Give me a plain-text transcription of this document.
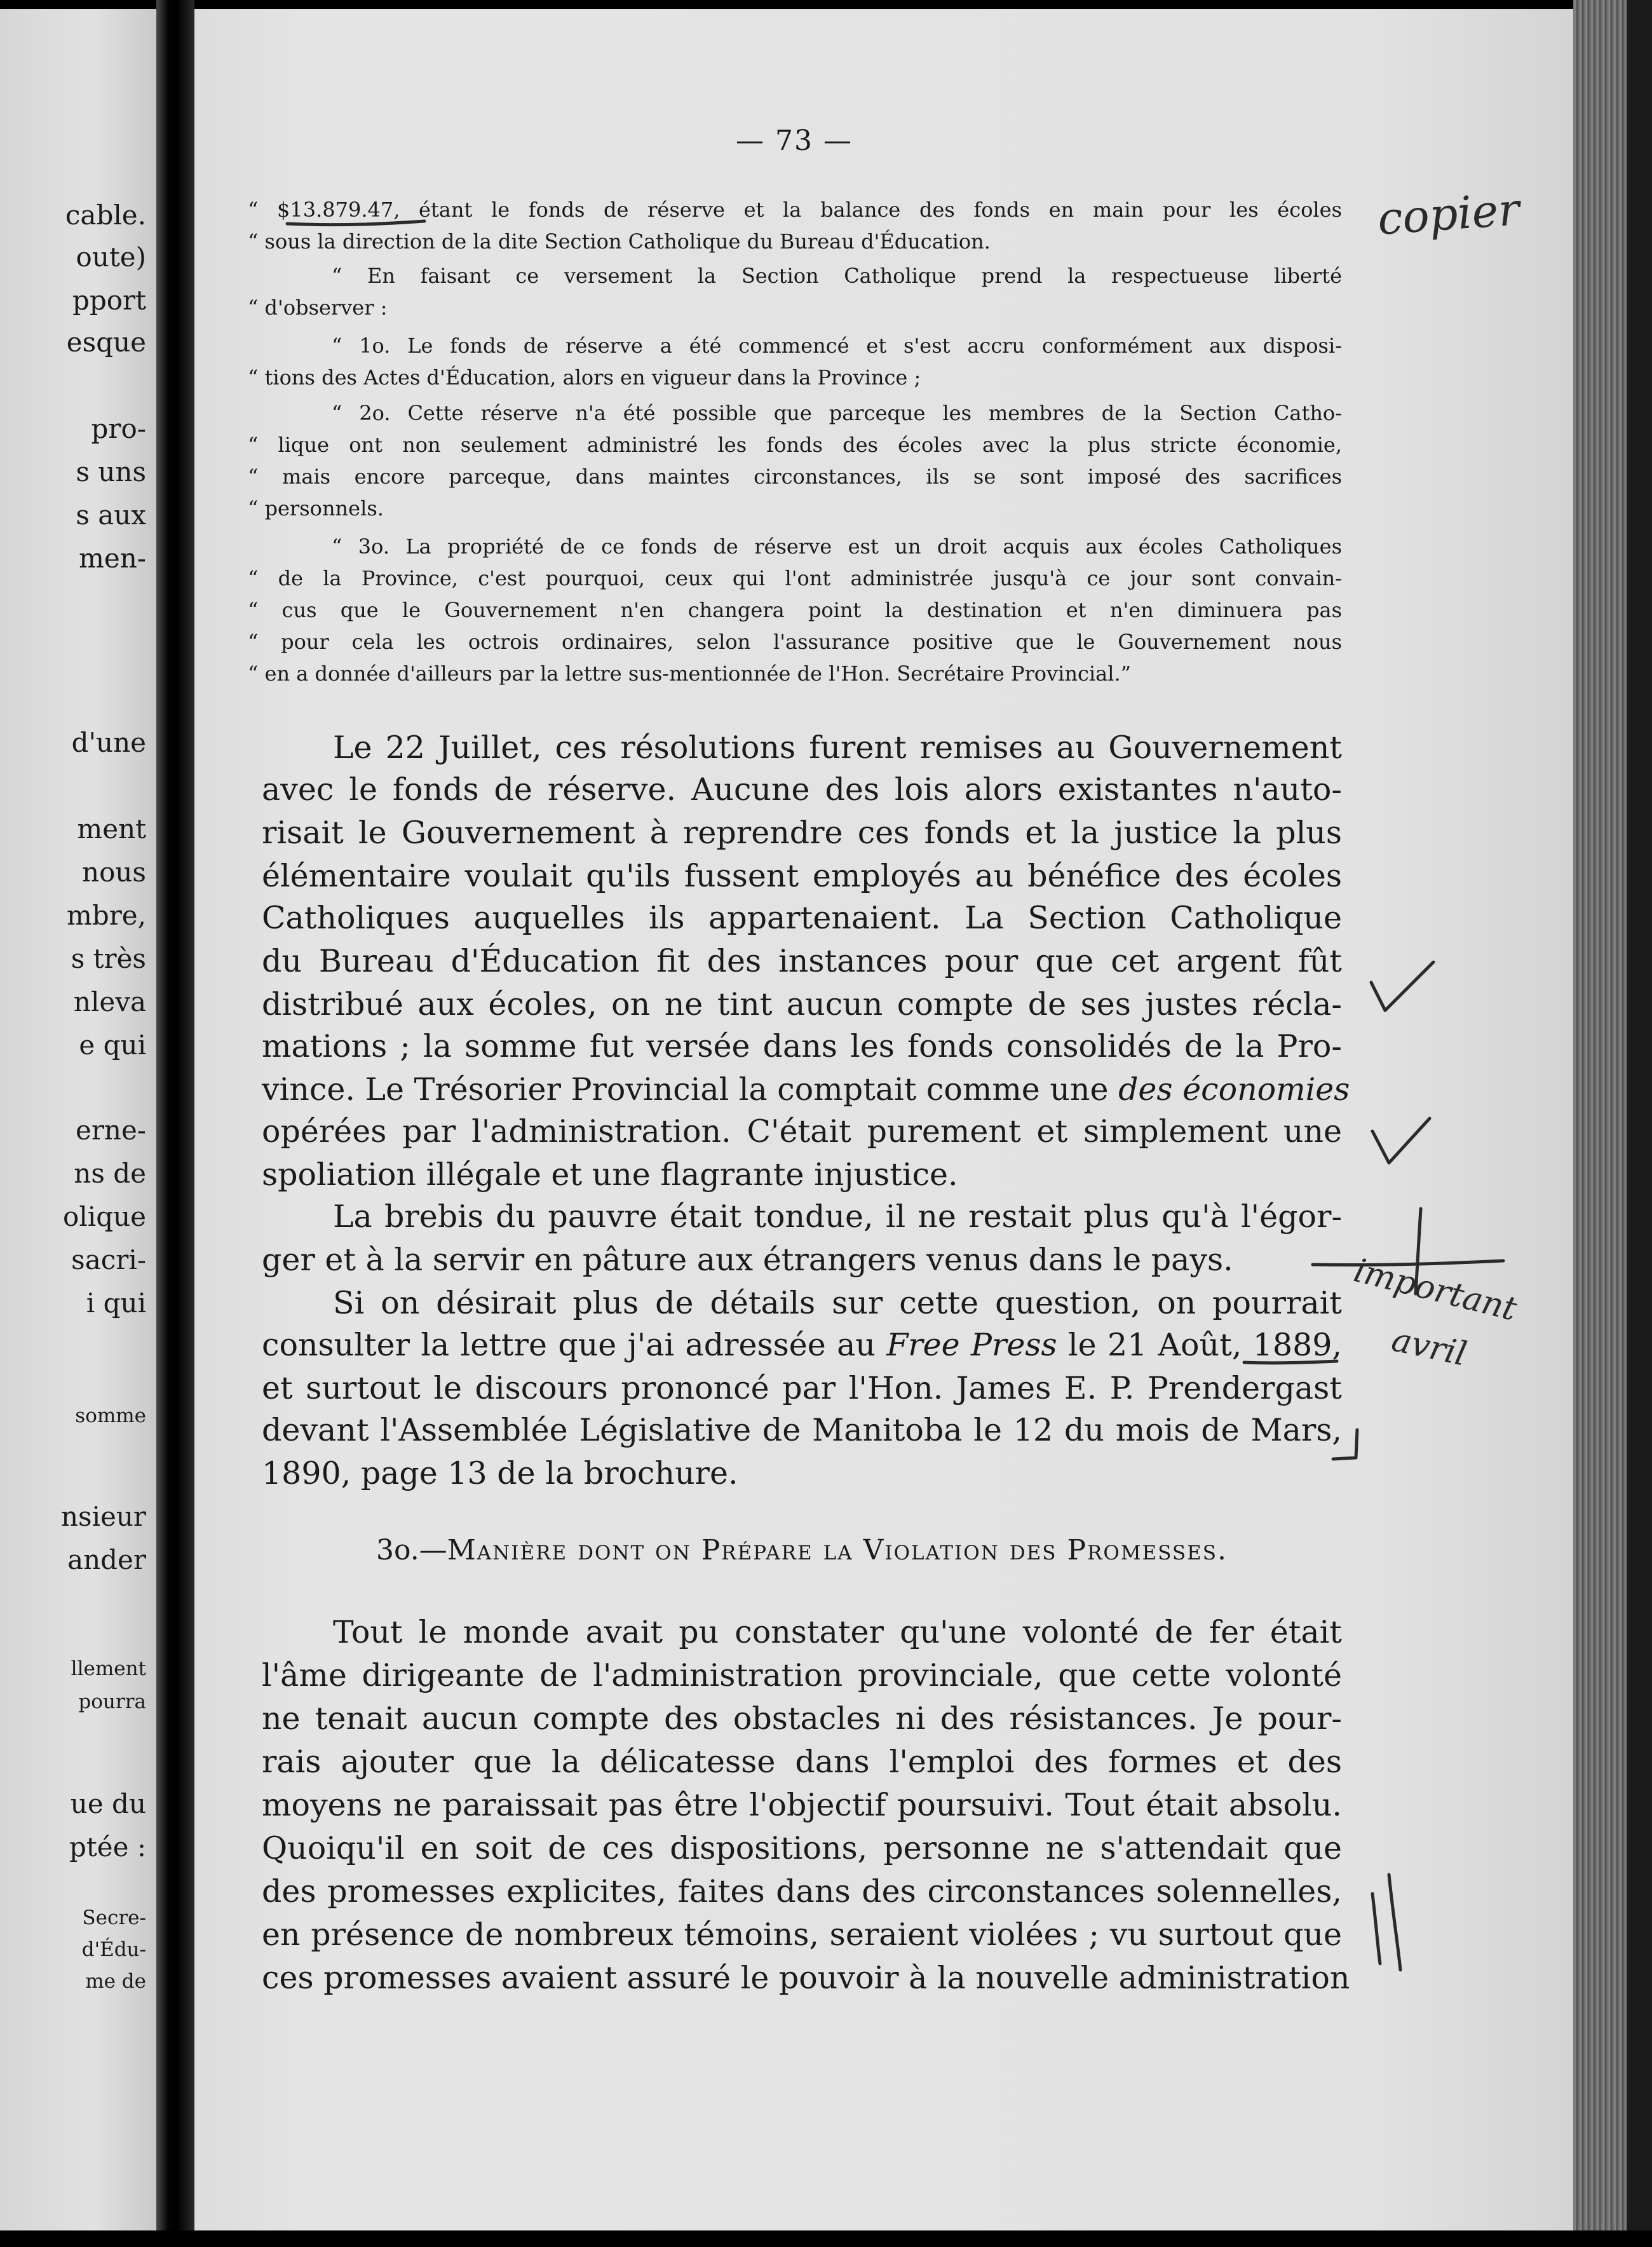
cable.
oute)
pport
esque
pro-
s uns
s aux
men-
d'une
ment
nous
mbre,
s très
nleva
e qui
erne-
ns de
olique
sacri-
i qui
somme
nsieur
ander
llement
pourra
ue du
ptée :
Secre-
d'Édu-
me de
— 73 —
“ $13.879.47, étant le fonds de réserve et la balance des fonds en main pour les écoles
“ sous la direction de la dite Section Catholique du Bureau d'Éducation.
“ En faisant ce versement la Section Catholique prend la respectueuse liberté
“ d'observer :
“ 1o. Le fonds de réserve a été commencé et s'est accru conformément aux disposi-
“ tions des Actes d'Éducation, alors en vigueur dans la Province ;
“ 2o. Cette réserve n'a été possible que parceque les membres de la Section Catho-
“ lique ont non seulement administré les fonds des écoles avec la plus stricte économie,
“ mais encore parceque, dans maintes circonstances, ils se sont imposé des sacrifices
“ personnels.
“ 3o. La propriété de ce fonds de réserve est un droit acquis aux écoles Catholiques
“ de la Province, c'est pourquoi, ceux qui l'ont administrée jusqu'à ce jour sont convain-
“ cus que le Gouvernement n'en changera point la destination et n'en diminuera pas
“ pour cela les octrois ordinaires, selon l'assurance positive que le Gouvernement nous
“ en a donnée d'ailleurs par la lettre sus-mentionnée de l'Hon. Secrétaire Provincial.”
Le 22 Juillet, ces résolutions furent remises au Gouvernement
avec le fonds de réserve. Aucune des lois alors existantes n'auto-
risait le Gouvernement à reprendre ces fonds et la justice la plus
élémentaire voulait qu'ils fussent employés au bénéfice des écoles
Catholiques auquelles ils appartenaient. La Section Catholique
du Bureau d'Éducation fit des instances pour que cet argent fût
distribué aux écoles, on ne tint aucun compte de ses justes récla-
mations ; la somme fut versée dans les fonds consolidés de la Pro-
vince. Le Trésorier Provincial la comptait comme une des économies
opérées par l'administration. C'était purement et simplement une
spoliation illégale et une flagrante injustice.
La brebis du pauvre était tondue, il ne restait plus qu'à l'égor-
ger et à la servir en pâture aux étrangers venus dans le pays.
Si on désirait plus de détails sur cette question, on pourrait
consulter la lettre que j'ai adressée au Free Press le 21 Août, 1889,
et surtout le discours prononcé par l'Hon. James E. P. Prendergast
devant l'Assemblée Législative de Manitoba le 12 du mois de Mars,
1890, page 13 de la brochure.
3o.—Manière dont on Prépare la Violation des Promesses.
Tout le monde avait pu constater qu'une volonté de fer était
l'âme dirigeante de l'administration provinciale, que cette volonté
ne tenait aucun compte des obstacles ni des résistances. Je pour-
rais ajouter que la délicatesse dans l'emploi des formes et des
moyens ne paraissait pas être l'objectif poursuivi. Tout était absolu.
Quoiqu'il en soit de ces dispositions, personne ne s'attendait que
des promesses explicites, faites dans des circonstances solennelles,
en présence de nombreux témoins, seraient violées ; vu surtout que
ces promesses avaient assuré le pouvoir à la nouvelle administration
copier
important
avril
